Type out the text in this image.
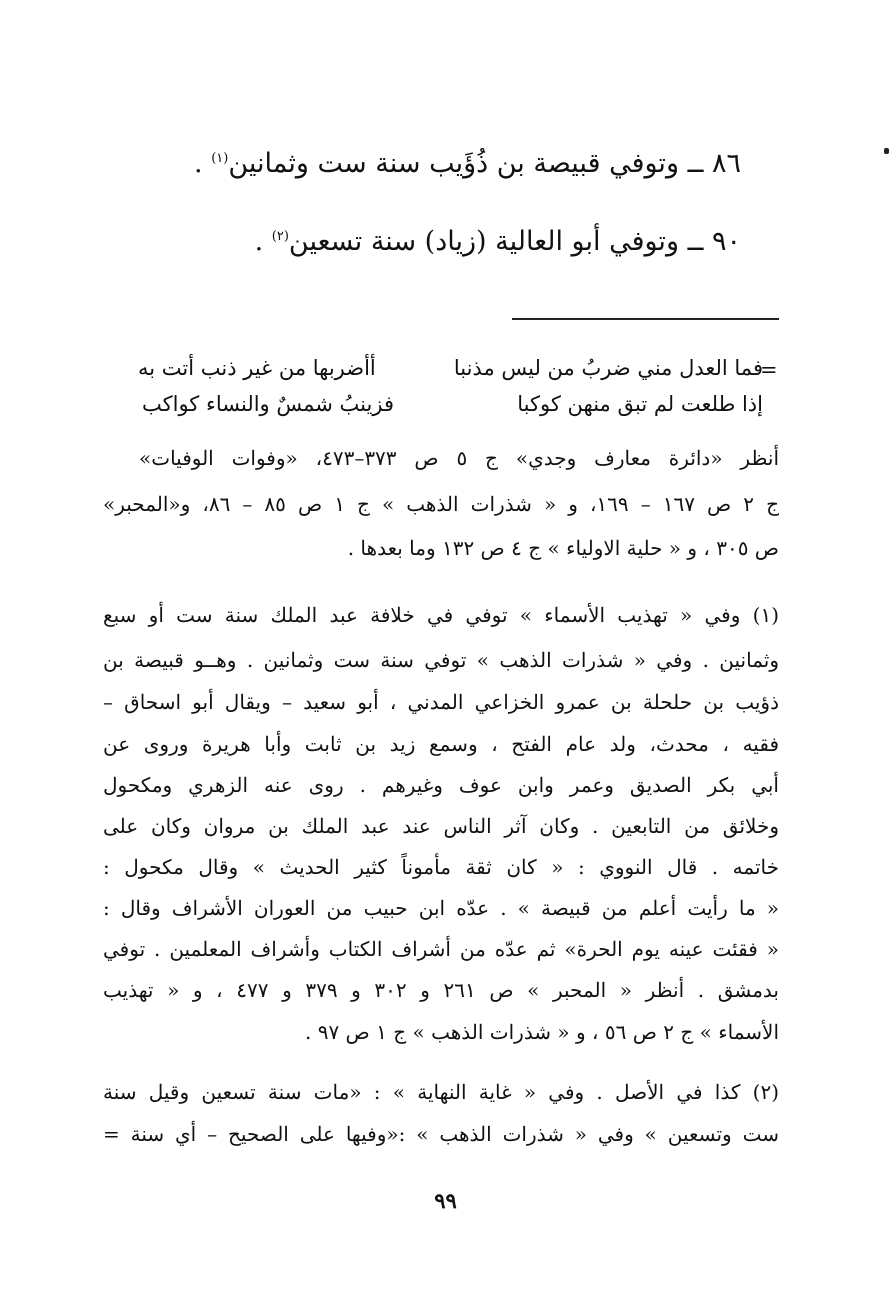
٨٦ ــ وتوفي قبيصة بن ذُؤَيب سنة ست وثمانين$^{(١)}$ .
٩٠ ــ وتوفي أبو العالية (زياد) سنة تسعين$^{(٢)}$ .
=
فما العدل مني ضربُ من ليس مذنبا
أأضربها من غير ذنب أتت به
إذا طلعت لم تبق منهن كوكبا
فزينبُ شمسٌ والنساء كواكب
أنظر «دائرة معارف وجدي» ج ٥ ص ٣٧٣–٤٧٣، «وفوات الوفيات»
ج ٢ ص ١٦٧ – ١٦٩، و « شذرات الذهب » ج ١ ص ٨٥ – ٨٦، و«المحبر»
ص ٣٠٥ ، و « حلية الاولياء » ج ٤ ص ١٣٢ وما بعدها .
(١) وفي « تهذيب الأسماء » توفي في خلافة عبد الملك سنة ست أو سبع
وثمانين . وفي « شذرات الذهب » توفي سنة ست وثمانين . وهــو قبيصة بن
ذؤيب بن حلحلة بن عمرو الخزاعي المدني ، أبو سعيد – ويقال أبو اسحاق –
فقيه ، محدث، ولد عام الفتح ، وسمع زيد بن ثابت وأبا هريرة وروى عن
أبي بكر الصديق وعمر وابن عوف وغيرهم . روى عنه الزهري ومكحول
وخلائق من التابعين . وكان آثر الناس عند عبد الملك بن مروان وكان على
خاتمه . قال النووي : « كان ثقة مأموناً كثير الحديث » وقال مكحول :
« ما رأيت أعلم من قبيصة » . عدّه ابن حبيب من العوران الأشراف وقال :
« فقئت عينه يوم الحرة» ثم عدّه من أشراف الكتاب وأشراف المعلمين . توفي
بدمشق . أنظر « المحبر » ص ٢٦١ و ٣٠٢ و ٣٧٩ و ٤٧٧ ، و « تهذيب
الأسماء » ج ٢ ص ٥٦ ، و « شذرات الذهب » ج ١ ص ٩٧ .
(٢) كذا في الأصل . وفي « غاية النهاية » : «مات سنة تسعين وقيل سنة
ست وتسعين » وفي « شذرات الذهب » :«وفيها على الصحيح – أي سنة =
٩٩
